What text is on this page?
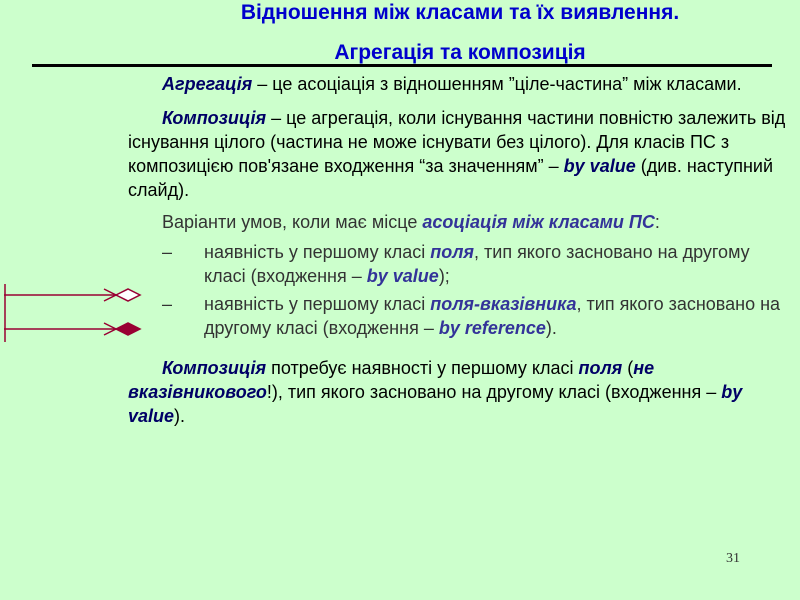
Відношення між класами та їх виявлення.
Агрегація та композиція

Агрегація – це асоціація з відношенням ”ціле-частина” між класами.

Композиція – це агрегація, коли існування частини повністю залежить від існування цілого (частина не може існувати без цілого). Для класів ПС з композицією пов'язане входження “за значенням” – by value (див. наступний слайд).

Варіанти умов, коли має місце асоціація між класами ПС:

– наявність у першому класі поля, тип якого засновано на другому класі (входження – by value);
– наявність у першому класі поля-вказівника, тип якого засновано на другому класі (входження – by reference).

Композиція потребує наявності у першому класі поля (не вказівникового!), тип якого засновано на другому класі (входження – by value).

31
